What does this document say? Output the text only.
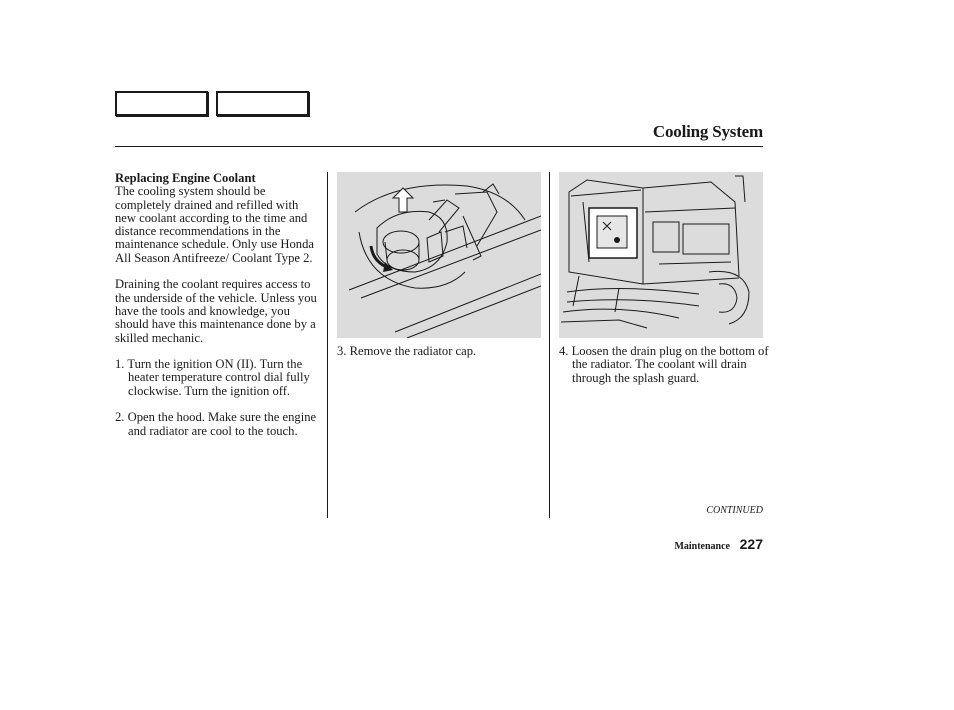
Cooling System
Replacing Engine Coolant

The cooling system should be completely drained and refilled with new coolant according to the time and distance recommendations in the maintenance schedule. Only use Honda All Season Antifreeze/ Coolant Type 2.

Draining the coolant requires access to the underside of the vehicle. Unless you have the tools and knowledge, you should have this maintenance done by a skilled mechanic.

1. Turn the ignition ON (II). Turn the heater temperature control dial fully clockwise. Turn the ignition off.

2. Open the hood. Make sure the engine and radiator are cool to the touch.

3. Remove the radiator cap.	4. Loosen the drain plug on the bottom of the radiator. The coolant will drain through the splash guard.
CONTINUED
Maintenance 227
